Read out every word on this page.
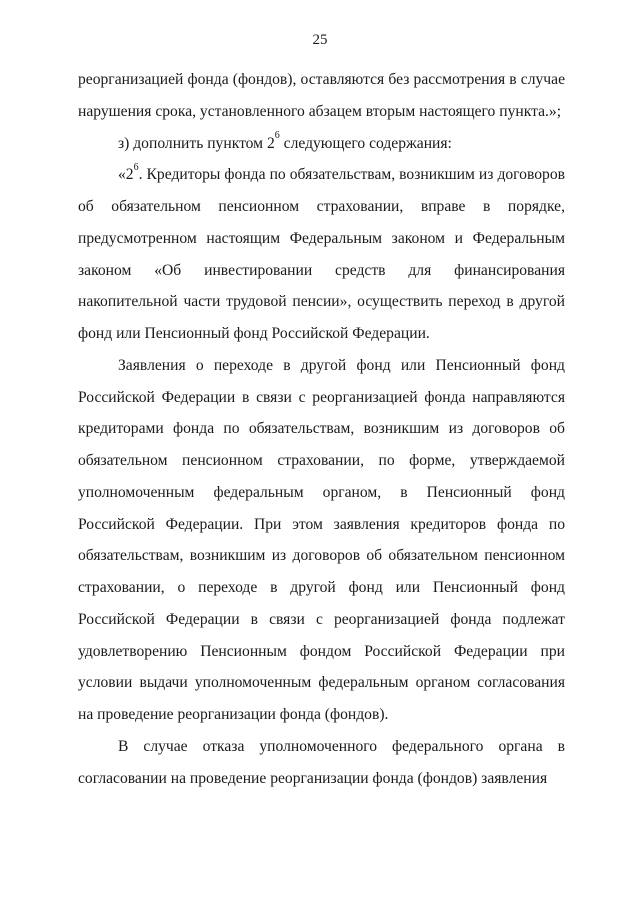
25

реорганизацией фонда (фондов), оставляются без рассмотрения в случае нарушения срока, установленного абзацем вторым настоящего пункта.»;

з) дополнить пунктом $2^6$ следующего содержания:

«$2^6$. Кредиторы фонда по обязательствам, возникшим из договоров об обязательном пенсионном страховании, вправе в порядке, предусмотренном настоящим Федеральным законом и Федеральным законом «Об инвестировании средств для финансирования накопительной части трудовой пенсии», осуществить переход в другой фонд или Пенсионный фонд Российской Федерации.

Заявления о переходе в другой фонд или Пенсионный фонд Российской Федерации в связи с реорганизацией фонда направляются кредиторами фонда по обязательствам, возникшим из договоров об обязательном пенсионном страховании, по форме, утверждаемой уполномоченным федеральным органом, в Пенсионный фонд Российской Федерации. При этом заявления кредиторов фонда по обязательствам, возникшим из договоров об обязательном пенсионном страховании, о переходе в другой фонд или Пенсионный фонд Российской Федерации в связи с реорганизацией фонда подлежат удовлетворению Пенсионным фондом Российской Федерации при условии выдачи уполномоченным федеральным органом согласования на проведение реорганизации фонда (фондов).

В случае отказа уполномоченного федерального органа в согласовании на проведение реорганизации фонда (фондов) заявления
